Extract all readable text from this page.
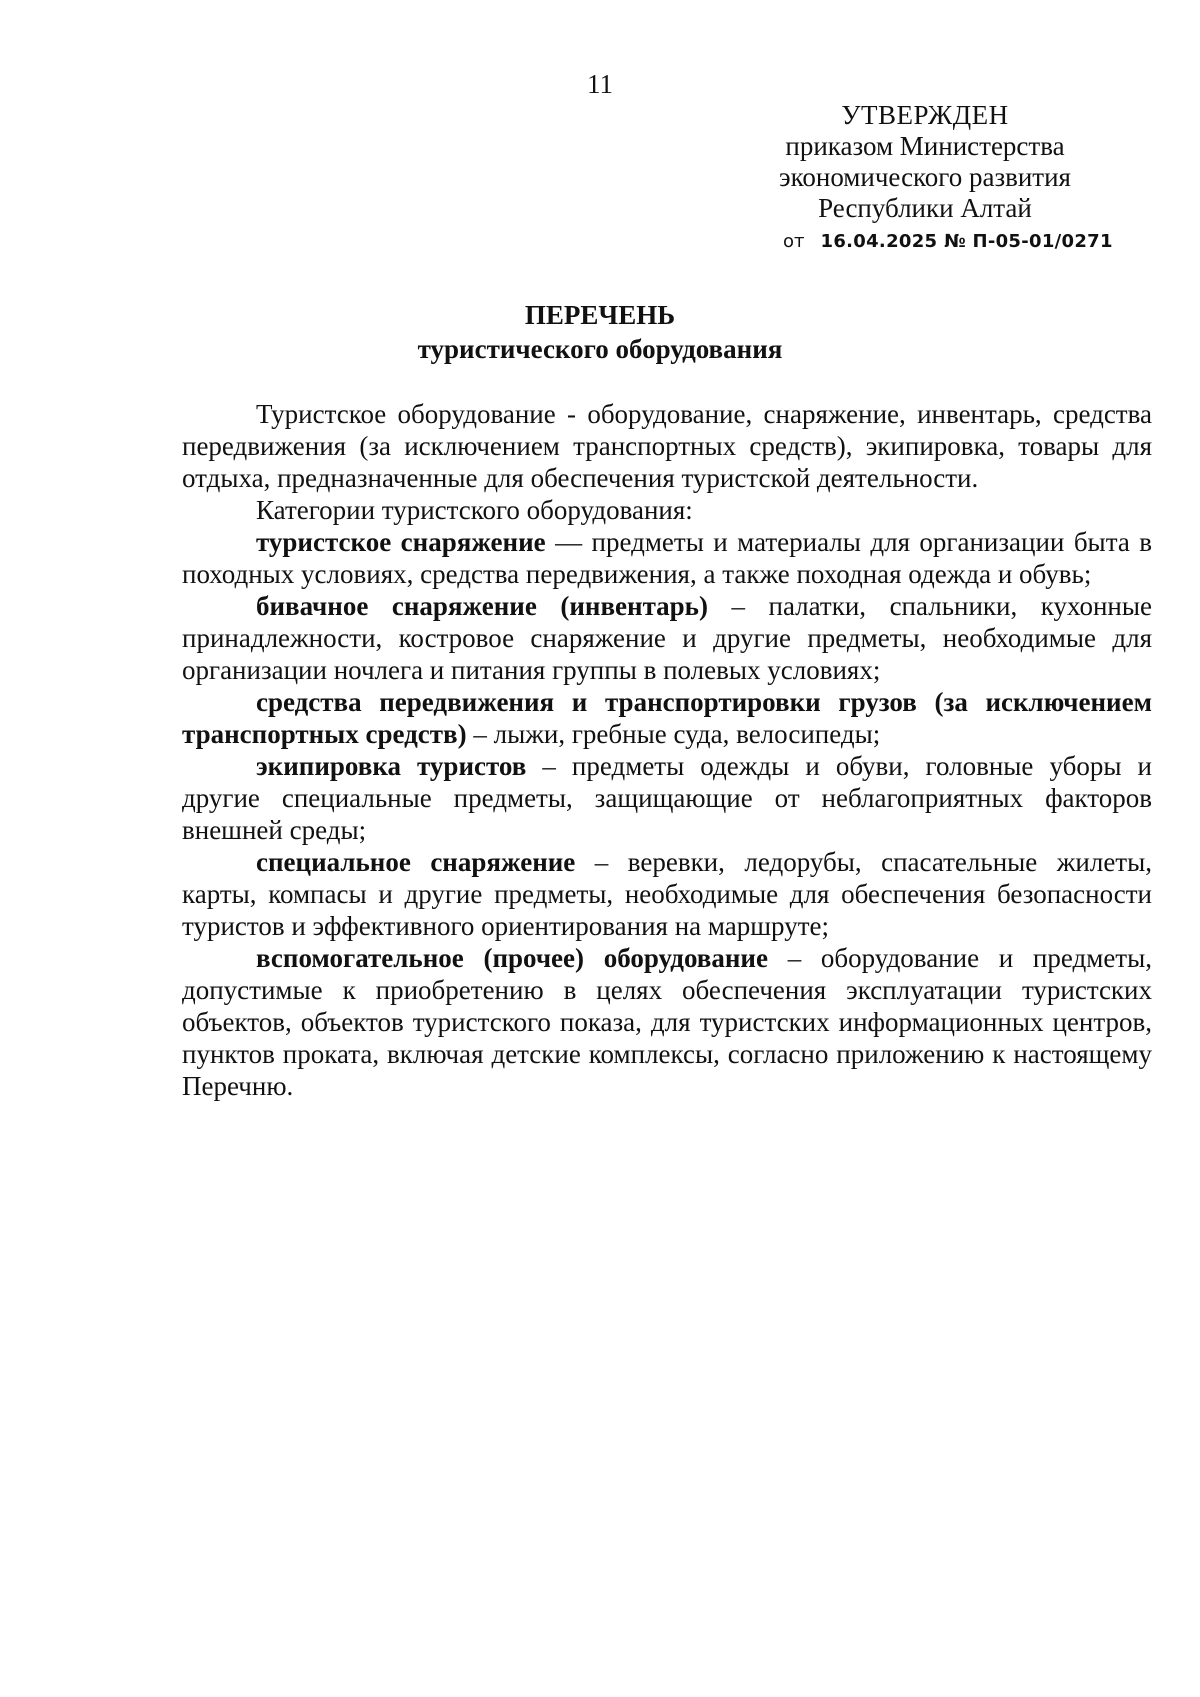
11
УТВЕРЖДЕН
приказом Министерства
экономического развития
Республики Алтай
от 16.04.2025 № П-05-01/0271
ПЕРЕЧЕНЬ
туристического оборудования

Туристское оборудование - оборудование, снаряжение, инвентарь, средства передвижения (за исключением транспортных средств), экипировка, товары для отдыха, предназначенные для обеспечения туристской деятельности.

Категории туристского оборудования:

туристское снаряжение — предметы и материалы для организации быта в походных условиях, средства передвижения, а также походная одежда и обувь;

бивачное снаряжение (инвентарь) – палатки, спальники, кухонные принадлежности, костровое снаряжение и другие предметы, необходимые для организации ночлега и питания группы в полевых условиях;

средства передвижения и транспортировки грузов (за исключением транспортных средств) – лыжи, гребные суда, велосипеды;

экипировка туристов – предметы одежды и обуви, головные уборы и другие специальные предметы, защищающие от неблагоприятных факторов внешней среды;

специальное снаряжение – веревки, ледорубы, спасательные жилеты, карты, компасы и другие предметы, необходимые для обеспечения безопасности туристов и эффективного ориентирования на маршруте;

вспомогательное (прочее) оборудование – оборудование и предметы, допустимые к приобретению в целях обеспечения эксплуатации туристских объектов, объектов туристского показа, для туристских информационных центров, пунктов проката, включая детские комплексы, согласно приложению к настоящему Перечню.
